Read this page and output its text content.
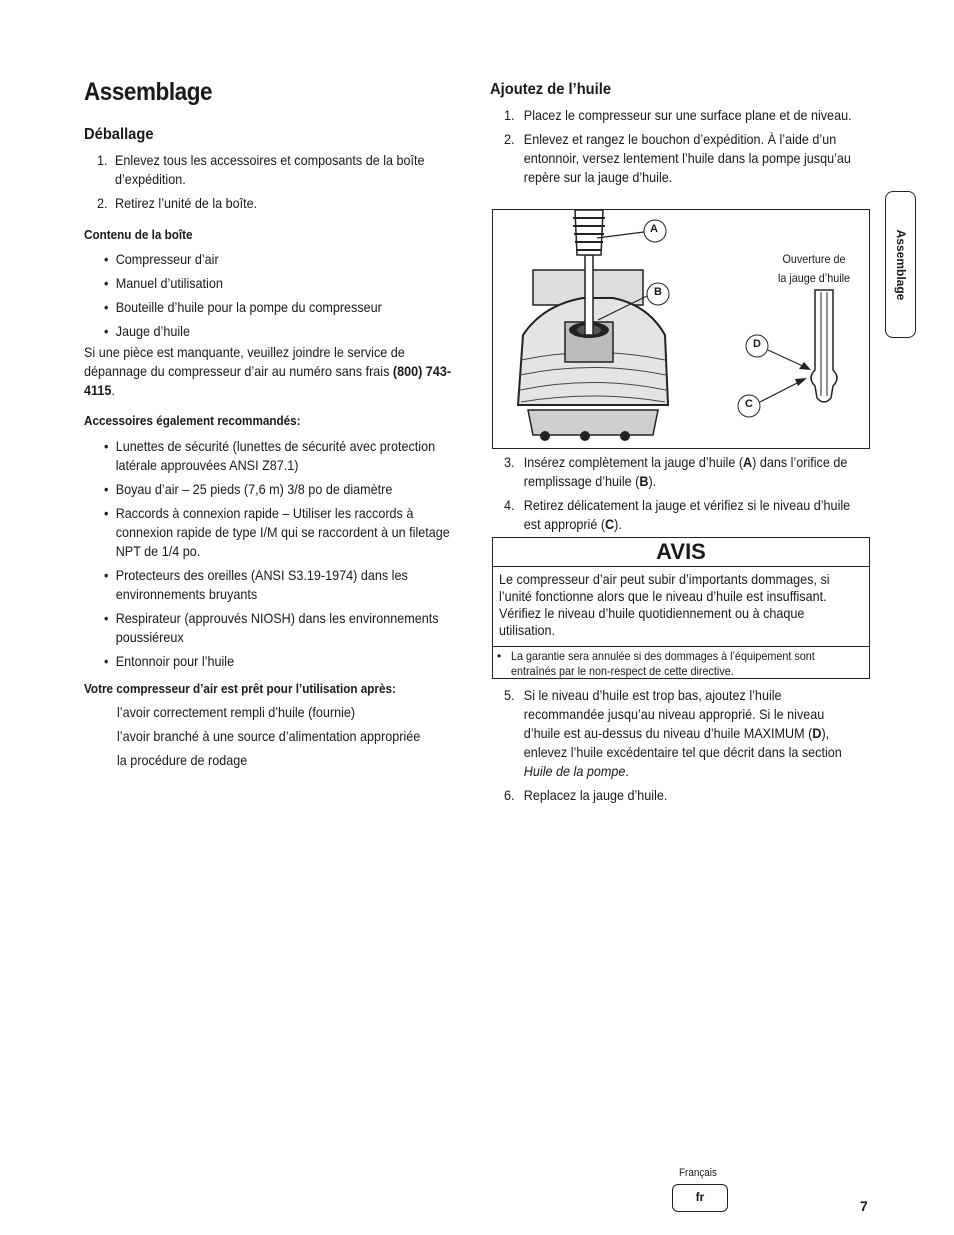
Assemblage
Déballage
1. Enlevez tous les accessoires et composants de la boîte d’expédition.
2. Retirez l’unité de la boîte.
Contenu de la boîte
• Compresseur d’air
• Manuel d’utilisation
• Bouteille d’huile pour la pompe du compresseur
• Jauge d’huile
Si une pièce est manquante, veuillez joindre le service de dépannage du compresseur d’air au numéro sans frais (800) 743-4115.
Accessoires également recommandés:
• Lunettes de sécurité (lunettes de sécurité avec protection latérale approuvées ANSI Z87.1)
• Boyau d’air – 25 pieds (7,6 m) 3/8 po de diamètre
• Raccords à connexion rapide – Utiliser les raccords à connexion rapide de type I/M qui se raccordent à un filetage NPT de 1/4 po.
• Protecteurs des oreilles (ANSI S3.19-1974) dans les environnements bruyants
• Respirateur (approuvés NIOSH) dans les environnements poussiéreux
• Entonnoir pour l’huile
Votre compresseur d’air est prêt pour l’utilisation après:
l’avoir correctement rempli d’huile (fournie)
l’avoir branché à une source d’alimentation appropriée
la procédure de rodage
Ajoutez de l’huile
1. Placez le compresseur sur une surface plane et de niveau.
2. Enlevez et rangez le bouchon d’expédition. À l’aide d’un entonnoir, versez lentement l’huile dans la pompe jusqu’au repère sur la jauge d’huile.
A
B
C
D
Ouverture de
la jauge d’huile
3. Insérez complètement la jauge d’huile (A) dans l’orifice de remplissage d’huile (B).
4. Retirez délicatement la jauge et vérifiez si le niveau d’huile est approprié (C).
AVIS
Le compresseur d’air peut subir d’importants dommages, si l’unité fonctionne alors que le niveau d’huile est insuffisant. Vérifiez le niveau d’huile quotidiennement ou à chaque utilisation.
• La garantie sera annulée si des dommages à l’équipement sont entraînés par le non-respect de cette directive.
5. Si le niveau d’huile est trop bas, ajoutez l’huile recommandée jusqu’au niveau approprié. Si le niveau d’huile est au-dessus du niveau d’huile MAXIMUM (D), enlevez l’huile excédentaire tel que décrit dans la section Huile de la pompe.
6. Replacez la jauge d’huile.
Assemblage
Français
fr
7
